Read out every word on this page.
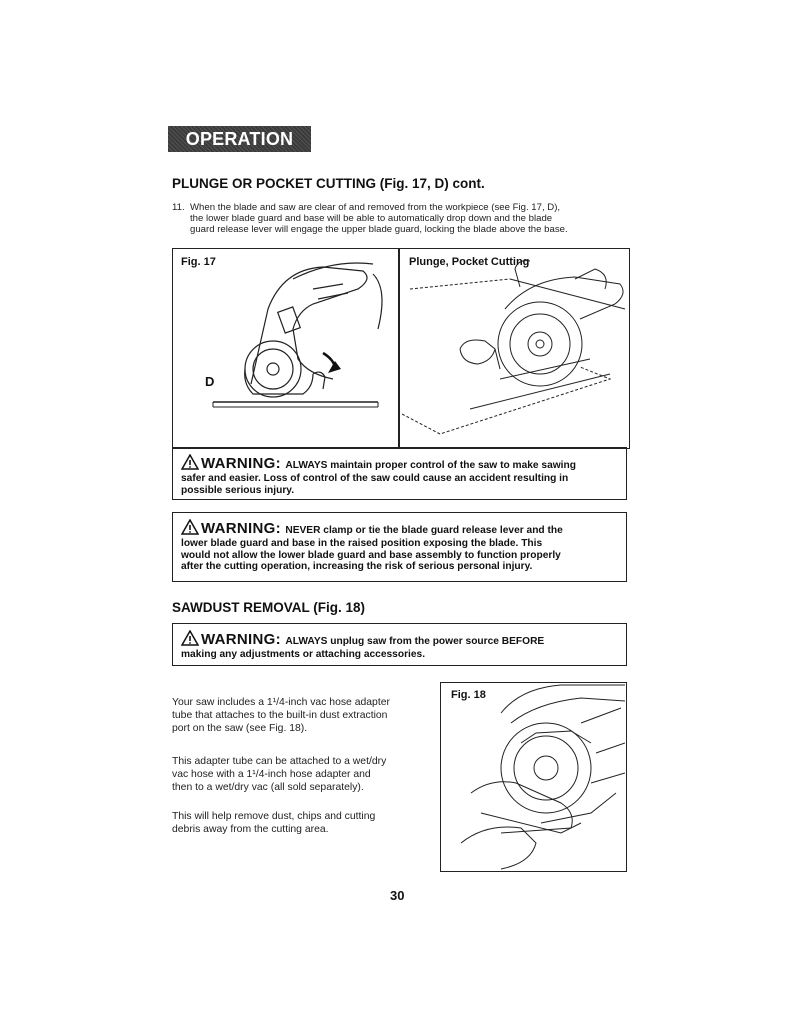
OPERATION cont.
PLUNGE OR POCKET CUTTING (Fig. 17, D) cont.
11. When the blade and saw are clear of and removed from the workpiece (see Fig. 17, D),
the lower blade guard and base will be able to automatically drop down and the blade
guard release lever will engage the upper blade guard, locking the blade above the base.
Fig. 17
D
Plunge, Pocket Cutting
WARNING: ALWAYS maintain proper control of the saw to make sawing
safer and easier. Loss of control of the saw could cause an accident resulting in
possible serious injury.
WARNING: NEVER clamp or tie the blade guard release lever and the
lower blade guard and base in the raised position exposing the blade. This
would not allow the lower blade guard and base assembly to function properly
after the cutting operation, increasing the risk of serious personal injury.
SAWDUST REMOVAL (Fig. 18)
WARNING: ALWAYS unplug saw from the power source BEFORE
making any adjustments or attaching accessories.
Your saw includes a 1¹/4-inch vac hose adapter
tube that attaches to the built-in dust extraction
port on the saw (see Fig. 18).
This adapter tube can be attached to a wet/dry
vac hose with a 1¹/4-inch hose adapter and
then to a wet/dry vac (all sold separately).
This will help remove dust, chips and cutting
debris away from the cutting area.
Fig. 18
30
